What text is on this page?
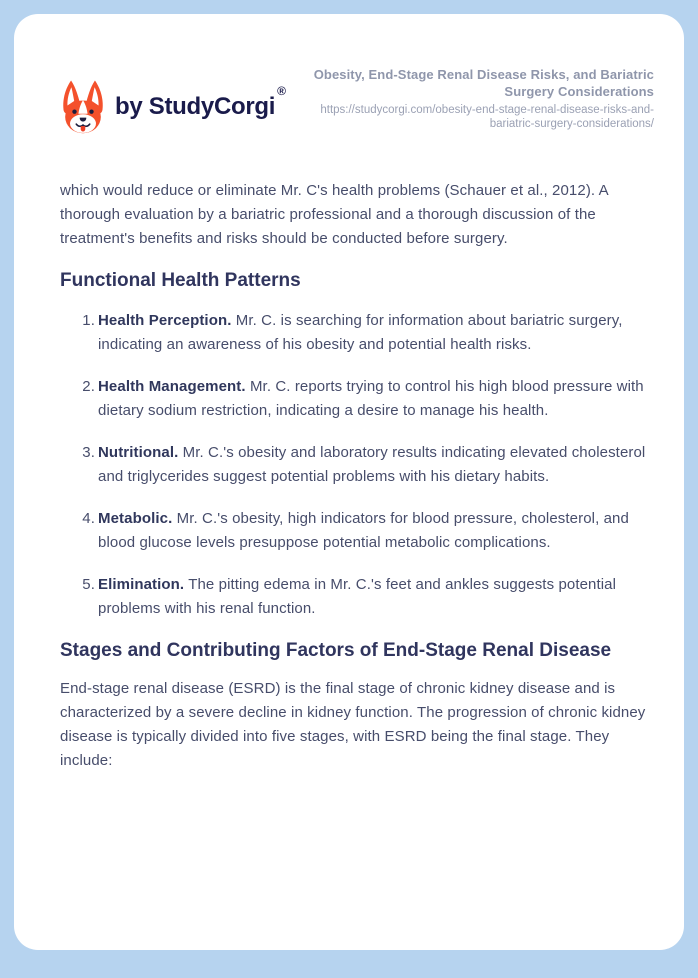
by StudyCorgi®
Obesity, End-Stage Renal Disease Risks, and Bariatric Surgery Considerations
https://studycorgi.com/obesity-end-stage-renal-disease-risks-and-bariatric-surgery-considerations/

which would reduce or eliminate Mr. C's health problems (Schauer et al., 2012). A thorough evaluation by a bariatric professional and a thorough discussion of the treatment's benefits and risks should be conducted before surgery.

Functional Health Patterns
1. Health Perception. Mr. C. is searching for information about bariatric surgery, indicating an awareness of his obesity and potential health risks.
2. Health Management. Mr. C. reports trying to control his high blood pressure with dietary sodium restriction, indicating a desire to manage his health.
3. Nutritional. Mr. C.'s obesity and laboratory results indicating elevated cholesterol and triglycerides suggest potential problems with his dietary habits.
4. Metabolic. Mr. C.'s obesity, high indicators for blood pressure, cholesterol, and blood glucose levels presuppose potential metabolic complications.
5. Elimination. The pitting edema in Mr. C.'s feet and ankles suggests potential problems with his renal function.
Stages and Contributing Factors of End-Stage Renal Disease

End-stage renal disease (ESRD) is the final stage of chronic kidney disease and is characterized by a severe decline in kidney function. The progression of chronic kidney disease is typically divided into five stages, with ESRD being the final stage. They include:
